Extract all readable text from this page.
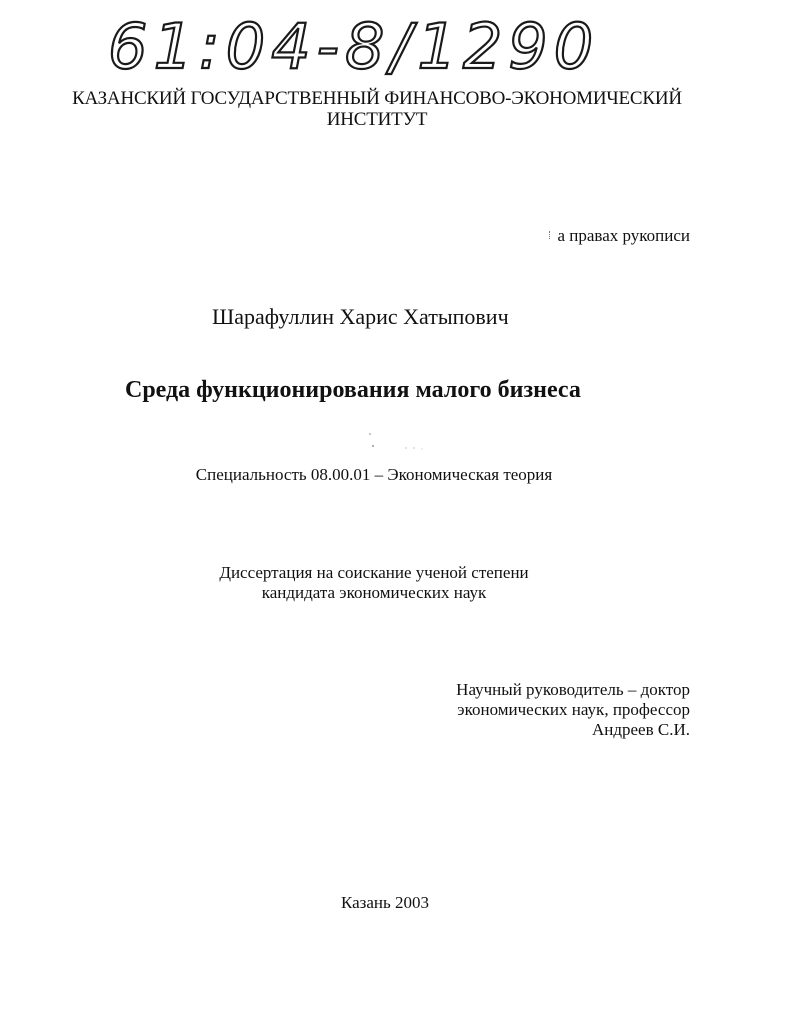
61:04-8/1290
КАЗАНСКИЙ ГОСУДАРСТВЕННЫЙ ФИНАНСОВО-ЭКОНОМИЧЕСКИЙ
ИНСТИТУТ
а правах рукописи
Шарафуллин Харис Хатыпович
Среда функционирования малого бизнеса
Специальность 08.00.01 – Экономическая теория
Диссертация на соискание ученой степени
кандидата экономических наук
Научный руководитель – доктор
экономических наук, профессор
Андреев С.И.
Казань 2003
